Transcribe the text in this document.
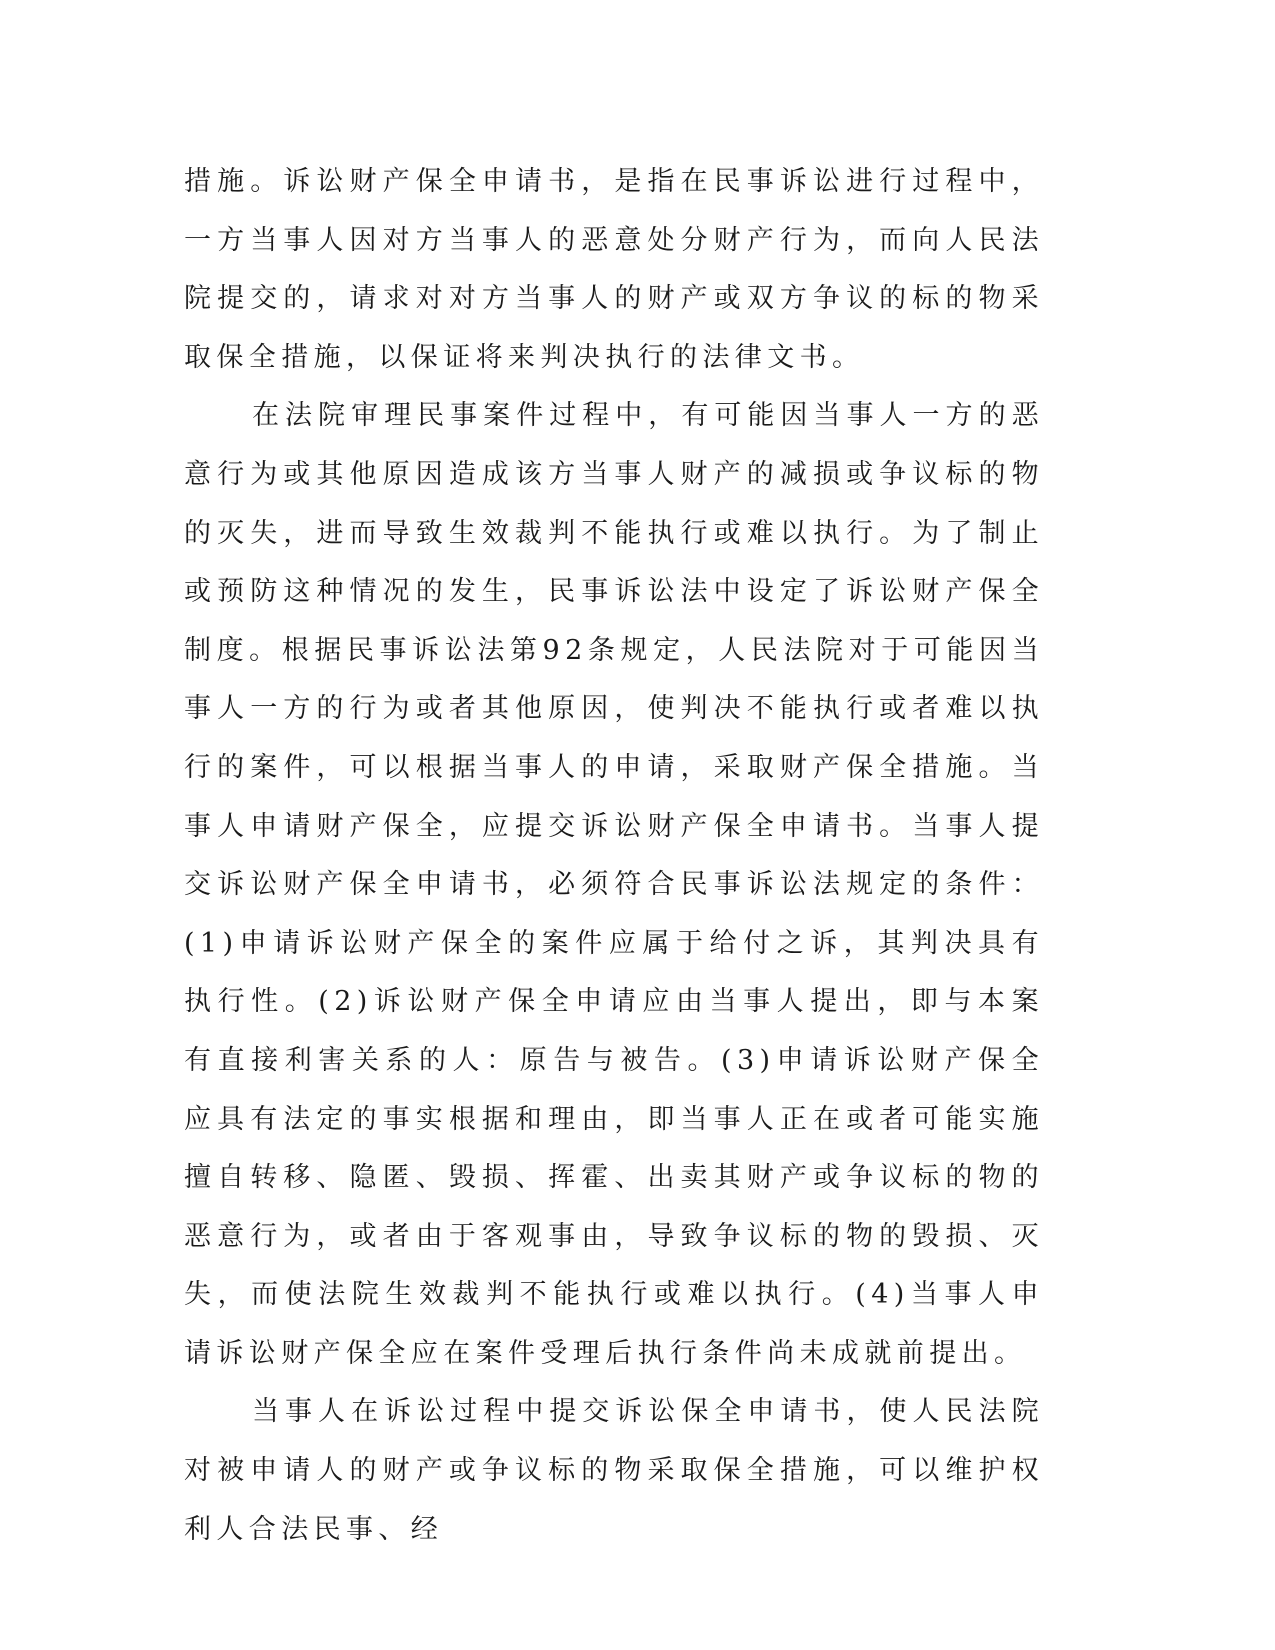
措施。诉讼财产保全申请书，是指在民事诉讼进行过程中，一方当事人因对方当事人的恶意处分财产行为，而向人民法院提交的，请求对对方当事人的财产或双方争议的标的物采取保全措施，以保证将来判决执行的法律文书。

在法院审理民事案件过程中，有可能因当事人一方的恶意行为或其他原因造成该方当事人财产的减损或争议标的物的灭失，进而导致生效裁判不能执行或难以执行。为了制止或预防这种情况的发生，民事诉讼法中设定了诉讼财产保全制度。根据民事诉讼法第92条规定，人民法院对于可能因当事人一方的行为或者其他原因，使判决不能执行或者难以执行的案件，可以根据当事人的申请，采取财产保全措施。当事人申请财产保全，应提交诉讼财产保全申请书。当事人提交诉讼财产保全申请书，必须符合民事诉讼法规定的条件：(1)申请诉讼财产保全的案件应属于给付之诉，其判决具有执行性。(2)诉讼财产保全申请应由当事人提出，即与本案有直接利害关系的人：原告与被告。(3)申请诉讼财产保全应具有法定的事实根据和理由，即当事人正在或者可能实施擅自转移、隐匿、毁损、挥霍、出卖其财产或争议标的物的恶意行为，或者由于客观事由，导致争议标的物的毁损、灭失，而使法院生效裁判不能执行或难以执行。(4)当事人申请诉讼财产保全应在案件受理后执行条件尚未成就前提出。

当事人在诉讼过程中提交诉讼保全申请书，使人民法院对被申请人的财产或争议标的物采取保全措施，可以维护权利人合法民事、经
